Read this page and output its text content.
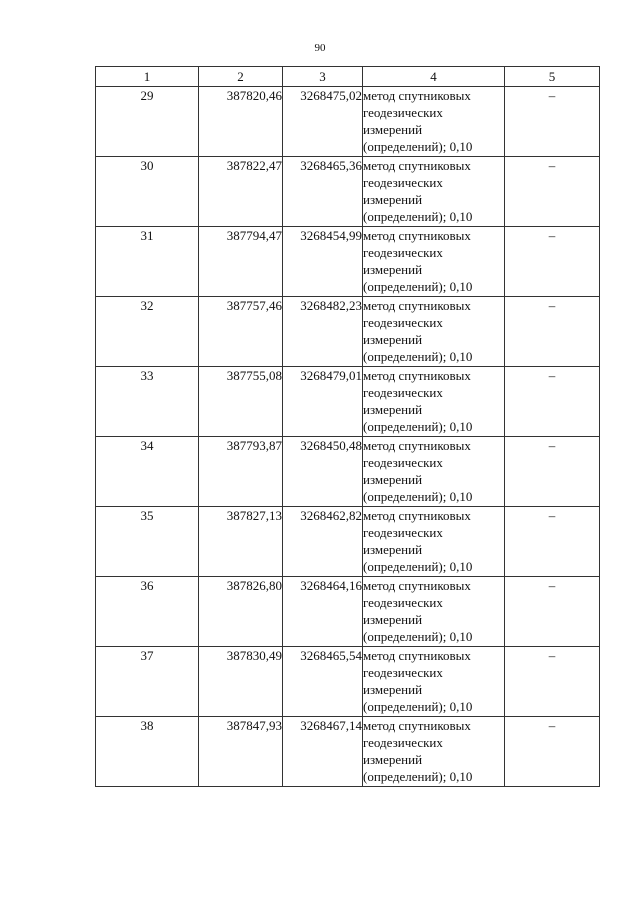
90
1	2	3	4	5
29	387820,46	3268475,02	метод спутниковых геодезических измерений (определений); 0,10	–
30	387822,47	3268465,36	метод спутниковых геодезических измерений (определений); 0,10	–
31	387794,47	3268454,99	метод спутниковых геодезических измерений (определений); 0,10	–
32	387757,46	3268482,23	метод спутниковых геодезических измерений (определений); 0,10	–
33	387755,08	3268479,01	метод спутниковых геодезических измерений (определений); 0,10	–
34	387793,87	3268450,48	метод спутниковых геодезических измерений (определений); 0,10	–
35	387827,13	3268462,82	метод спутниковых геодезических измерений (определений); 0,10	–
36	387826,80	3268464,16	метод спутниковых геодезических измерений (определений); 0,10	–
37	387830,49	3268465,54	метод спутниковых геодезических измерений (определений); 0,10	–
38	387847,93	3268467,14	метод спутниковых геодезических измерений (определений); 0,10	–
